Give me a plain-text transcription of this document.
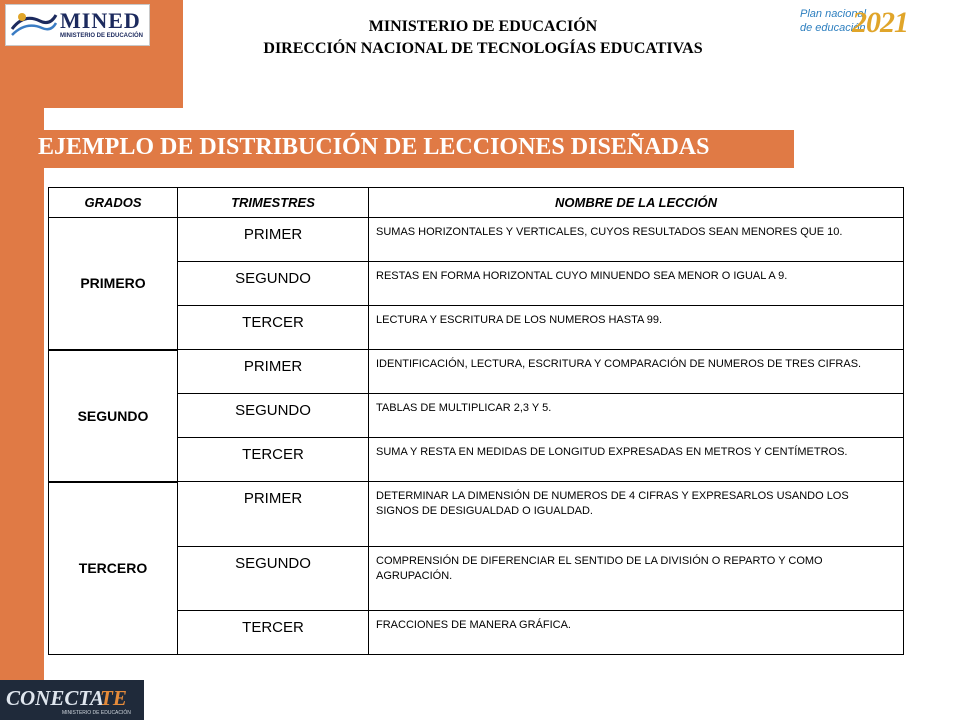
MINED
MINISTERIO DE EDUCACIÓN
MINISTERIO DE EDUCACIÓN
DIRECCIÓN NACIONAL DE TECNOLOGÍAS EDUCATIVAS
Plan nacional
de educación
2021
EJEMPLO DE DISTRIBUCIÓN DE LECCIONES DISEÑADAS
GRADOS	TRIMESTRES	NOMBRE DE LA LECCIÓN
PRIMERO	PRIMER	SUMAS HORIZONTALES Y VERTICALES, CUYOS RESULTADOS SEAN MENORES QUE 10.
	SEGUNDO	RESTAS EN FORMA HORIZONTAL CUYO MINUENDO SEA MENOR O IGUAL A 9.
	TERCER	LECTURA Y ESCRITURA DE LOS NUMEROS HASTA 99.
SEGUNDO	PRIMER	IDENTIFICACIÓN, LECTURA, ESCRITURA Y COMPARACIÓN DE NUMEROS DE TRES CIFRAS.
	SEGUNDO	TABLAS DE MULTIPLICAR 2,3 Y 5.
	TERCER	SUMA Y RESTA EN MEDIDAS DE LONGITUD EXPRESADAS EN METROS Y CENTÍMETROS.
TERCERO	PRIMER	DETERMINAR LA DIMENSIÓN DE NUMEROS DE 4 CIFRAS Y EXPRESARLOS USANDO LOS SIGNOS DE DESIGUALDAD O IGUALDAD.
	SEGUNDO	COMPRENSIÓN DE DIFERENCIAR EL SENTIDO DE LA DIVISIÓN O REPARTO Y COMO AGRUPACIÓN.
	TERCER	FRACCIONES DE MANERA GRÁFICA.
CONECTA
TE
MINISTERIO DE EDUCACIÓN
